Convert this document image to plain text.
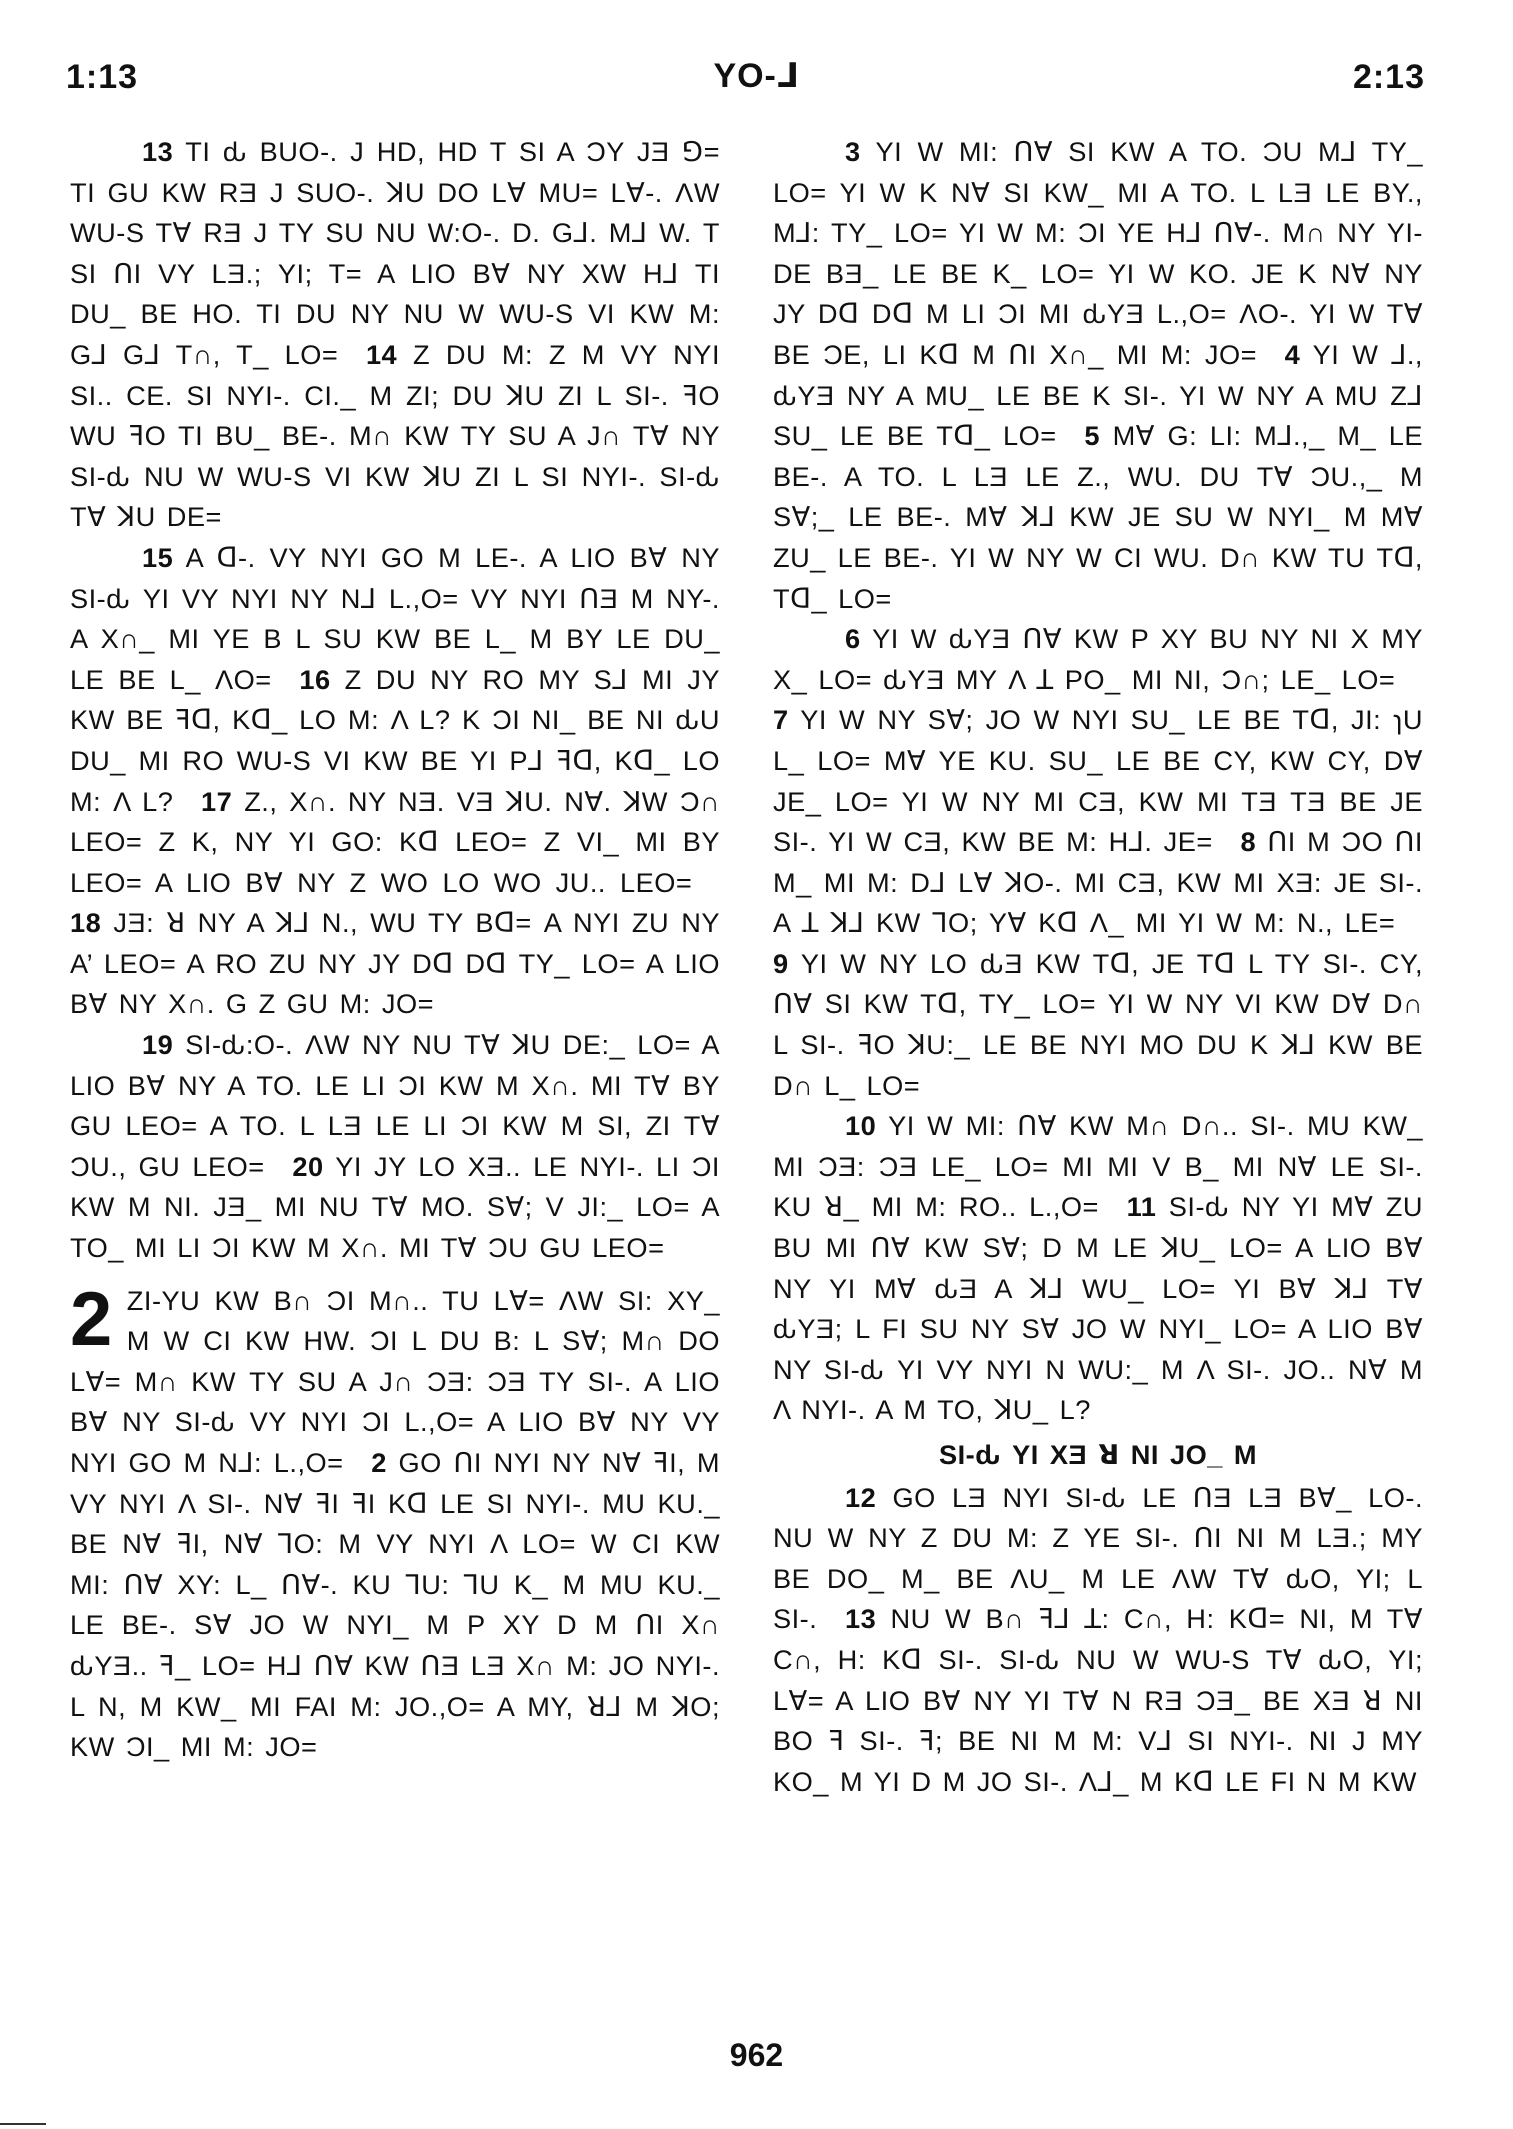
1:13	YO-⅃	2:13

13 TI ԃ BUO-. J HD, HD T SI A ƆY JƎ ⅁= TI GU KW RƎ J SUO-. ꓘU DO L∀ MU= L∀-. ΛW WU-S T∀ RƎ J TY SU NU W:O-. D. G⅃. M⅃ W. T SI ꓵI VY LƎ.; YI; T= A LIO B∀ NY XW H⅃ TI DU_ BE HO. TI DU NY NU W WU-S VI KW M: G⅃ G⅃ T∩, T_ LO=  14 Z DU M: Z M VY NYI SI.. CE. SI NYI-. CI._ M ZI; DU ꓘU ZI L SI-. ꟻO WU ꟻO TI BU_ BE-. M∩ KW TY SU A J∩ T∀ NY SI-ԃ NU W WU-S VI KW ꓘU ZI L SI NYI-. SI-ԃ T∀ ꓘU DE=

15 A ᗡ-. VY NYI GO M LE-. A LIO B∀ NY SI-ԃ YI VY NYI NY N⅃ L.,O= VY NYI ꓵƎ M NY-. A X∩_ MI YE B L SU KW BE L_ M BY LE DU_ LE BE L_ ΛO=  16 Z DU NY RO MY S⅃ MI JY KW BE ꟻᗡ, Kᗡ_ LO M: Λ L? K ƆI NI_ BE NI ԃU DU_ MI RO WU-S VI KW BE YI P⅃ ꟻᗡ, Kᗡ_ LO M: Λ L?  17 Z., X∩. NY NƎ. VƎ ꓘU. N∀. ꓘW Ɔ∩ LEO= Z K, NY YI GO: Kᗡ LEO= Z VI_ MI BY LEO= A LIO B∀ NY Z WO LO WO JU.. LEO= 18 JƎ: ꓤ NY A ꓘ⅃ N., WU TY Bᗡ= A NYI ZU NY A’ LEO= A RO ZU NY JY Dᗡ Dᗡ TY_ LO= A LIO B∀ NY X∩. G Z GU M: JO=

19 SI-ԃ:O-. ΛW NY NU T∀ ꓘU DE:_ LO= A LIO B∀ NY A TO. LE LI ƆI KW M X∩. MI T∀ BY GU LEO= A TO. L LƎ LE LI ƆI KW M SI, ZI T∀ ƆU., GU LEO=  20 YI JY LO XƎ.. LE NYI-. LI ƆI KW M NI. JƎ_ MI NU T∀ MO. S∀; V JI:_ LO= A TO_ MI LI ƆI KW M X∩. MI T∀ ƆU GU LEO=

2 ZI-YU KW B∩ ƆI M∩.. TU L∀= ΛW SI: XY_ M W CI KW HW. ƆI L DU B: L S∀; M∩ DO L∀= M∩ KW TY SU A J∩ ƆƎ: ƆƎ TY SI-. A LIO B∀ NY SI-ԃ VY NYI ƆI L.,O= A LIO B∀ NY VY NYI GO M N⅃: L.,O=  2 GO ꓵI NYI NY N∀ ꟻI, M VY NYI Λ SI-. N∀ ꟻI ꟻI Kᗡ LE SI NYI-. MU KU._ BE N∀ ꟻI, N∀ ꓶO: M VY NYI Λ LO= W CI KW MI: ꓵ∀ XY: L_ ꓵ∀-. KU ꓶU: ꓶU K_ M MU KU._ LE BE-. S∀ JO W NYI_ M P XY D M ꓵI X∩ ԃYƎ.. ꟻ_ LO= H⅃ ꓵ∀ KW ꓵƎ LƎ X∩ M: JO NYI-. L N, M KW_ MI FAI M: JO.,O= A MY, ꓤ⅃ M ꓘO; KW ƆI_ MI M: JO=

3 YI W MI: ꓵ∀ SI KW A TO. ƆU M⅃ TY_ LO= YI W K N∀ SI KW_ MI A TO. L LƎ LE BY., M⅃: TY_ LO= YI W M: ƆI YE H⅃ ꓵ∀-. M∩ NY YI-DE BƎ_ LE BE K_ LO= YI W KO. JE K N∀ NY JY Dᗡ Dᗡ M LI ƆI MI ԃYƎ L.,O= ΛO-. YI W T∀ BE ƆE, LI Kᗡ M ꓵI X∩_ MI M: JO=  4 YI W ⅃., ԃYƎ NY A MU_ LE BE K SI-. YI W NY A MU Z⅃ SU_ LE BE Tᗡ_ LO=  5 M∀ G: LI: M⅃.,_ M_ LE BE-. A TO. L LƎ LE Z., WU. DU T∀ ƆU.,_ M S∀;_ LE BE-. M∀ ꓘ⅃ KW JE SU W NYI_ M M∀ ZU_ LE BE-. YI W NY W CI WU. D∩ KW TU Tᗡ, Tᗡ_ LO=

6 YI W ԃYƎ ꓵ∀ KW P XY BU NY NI X MY X_ LO= ԃYƎ MY Λ ꓕ PO_ MI NI, Ɔ∩; LE_ LO= 7 YI W NY S∀; JO W NYI SU_ LE BE Tᗡ, JI: ɿU L_ LO= M∀ YE KU. SU_ LE BE CY, KW CY, D∀ JE_ LO= YI W NY MI CƎ, KW MI TƎ TƎ BE JE SI-. YI W CƎ, KW BE M: H⅃. JE=  8 ꓵI M ƆO ꓵI M_ MI M: D⅃ L∀ ꓘO-. MI CƎ, KW MI XƎ: JE SI-. A ꓕ ꓘ⅃ KW ꓶO; Y∀ Kᗡ Λ_ MI YI W M: N., LE= 9 YI W NY LO ԃƎ KW Tᗡ, JE Tᗡ L TY SI-. CY, ꓵ∀ SI KW Tᗡ, TY_ LO= YI W NY VI KW D∀ D∩ L SI-. ꟻO ꓘU:_ LE BE NYI MO DU K ꓘ⅃ KW BE D∩ L_ LO=

10 YI W MI: ꓵ∀ KW M∩ D∩.. SI-. MU KW_ MI ƆƎ: ƆƎ LE_ LO= MI MI V B_ MI N∀ LE SI-. KU ꓤ_ MI M: RO.. L.,O=  11 SI-ԃ NY YI M∀ ZU BU MI ꓵ∀ KW S∀; D M LE ꓘU_ LO= A LIO B∀ NY YI M∀ ԃƎ A ꓘ⅃ WU_ LO= YI B∀ ꓘ⅃ T∀ ԃYƎ; L FI SU NY S∀ JO W NYI_ LO= A LIO B∀ NY SI-ԃ YI VY NYI N WU:_ M Λ SI-. JO.. N∀ M Λ NYI-. A M TO, ꓘU_ L?

SI-ԃ YI XƎ ꓤ NI JO_ M

12 GO LƎ NYI SI-ԃ LE ꓵƎ LƎ B∀_ LO-. NU W NY Z DU M: Z YE SI-. ꓵI NI M LƎ.; MY BE DO_ M_ BE ΛU_ M LE ΛW T∀ ԃO, YI; L SI-.  13 NU W B∩ ꟻ⅃ ꓕ: C∩, H: Kᗡ= NI, M T∀ C∩, H: Kᗡ SI-. SI-ԃ NU W WU-S T∀ ԃO, YI; L∀= A LIO B∀ NY YI T∀ N RƎ ƆƎ_ BE XƎ ꓤ NI BO ꟻ SI-. ꟻ; BE NI M M: V⅃ SI NYI-. NI J MY KO_ M YI D M JO SI-. Λ⅃_ M Kᗡ LE FI N M KW

962
